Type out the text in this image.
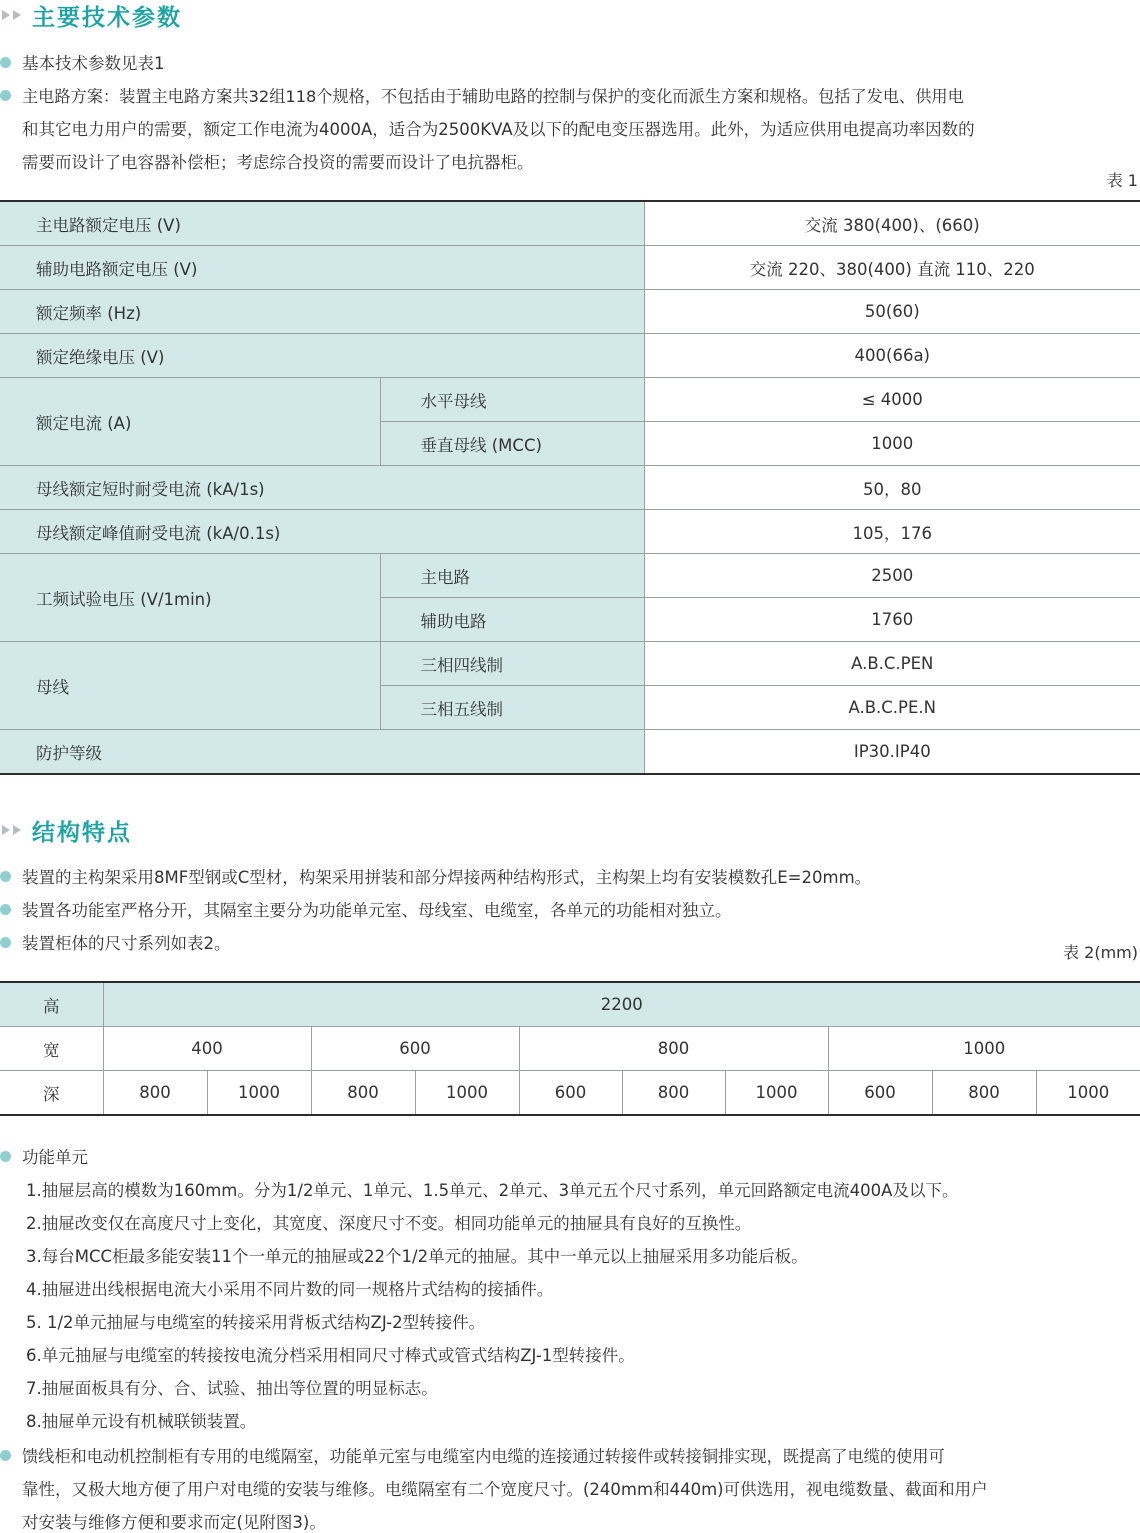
主要技术参数
基本技术参数见表1
主电路方案：装置主电路方案共32组118个规格，不包括由于辅助电路的控制与保护的变化而派生方案和规格。包括了发电、供用电
和其它电力用户的需要，额定工作电流为4000A，适合为2500KVA及以下的配电变压器选用。此外，为适应供用电提高功率因数的
需要而设计了电容器补偿柜；考虑综合投资的需要而设计了电抗器柜。
表 1
主电路额定电压 (V)		交流 380(400)、(660)
辅助电路额定电压 (V)		交流 220、380(400) 直流 110、220
额定频率 (Hz)		50(60)
额定绝缘电压 (V)		400(66a)
额定电流 (A)	水平母线	≤ 4000
	垂直母线 (MCC)	1000
母线额定短时耐受电流 (kA/1s)		50，80
母线额定峰值耐受电流 (kA/0.1s)		105，176
工频试验电压 (V/1min)	主电路	2500
	辅助电路	1760
母线	三相四线制	A.B.C.PEN
	三相五线制	A.B.C.PE.N
防护等级		IP30.IP40
结构特点
装置的主构架采用8MF型钢或C型材，构架采用拼装和部分焊接两种结构形式，主构架上均有安装模数孔E=20mm。
装置各功能室严格分开，其隔室主要分为功能单元室、母线室、电缆室，各单元的功能相对独立。
装置柜体的尺寸系列如表2。	表 2(mm)
高	2200									
宽	400		600		800			1000		
深	800	1000	800	1000	600	800	1000	600	800	1000
功能单元
1.抽屉层高的模数为160mm。分为1/2单元、1单元、1.5单元、2单元、3单元五个尺寸系列，单元回路额定电流400A及以下。
2.抽屉改变仅在高度尺寸上变化，其宽度、深度尺寸不变。相同功能单元的抽屉具有良好的互换性。
3.每台MCC柜最多能安装11个一单元的抽屉或22个1/2单元的抽屉。其中一单元以上抽屉采用多功能后板。
4.抽屉进出线根据电流大小采用不同片数的同一规格片式结构的接插件。
5. 1/2单元抽屉与电缆室的转接采用背板式结构ZJ-2型转接件。
6.单元抽屉与电缆室的转接按电流分档采用相同尺寸棒式或管式结构ZJ-1型转接件。
7.抽屉面板具有分、合、试验、抽出等位置的明显标志。
8.抽屉单元设有机械联锁装置。
馈线柜和电动机控制柜有专用的电缆隔室，功能单元室与电缆室内电缆的连接通过转接件或转接铜排实现，既提高了电缆的使用可
靠性，又极大地方便了用户对电缆的安装与维修。电缆隔室有二个宽度尺寸。(240mm和440m)可供选用，视电缆数量、截面和用户
对安装与维修方便和要求而定(见附图3)。
